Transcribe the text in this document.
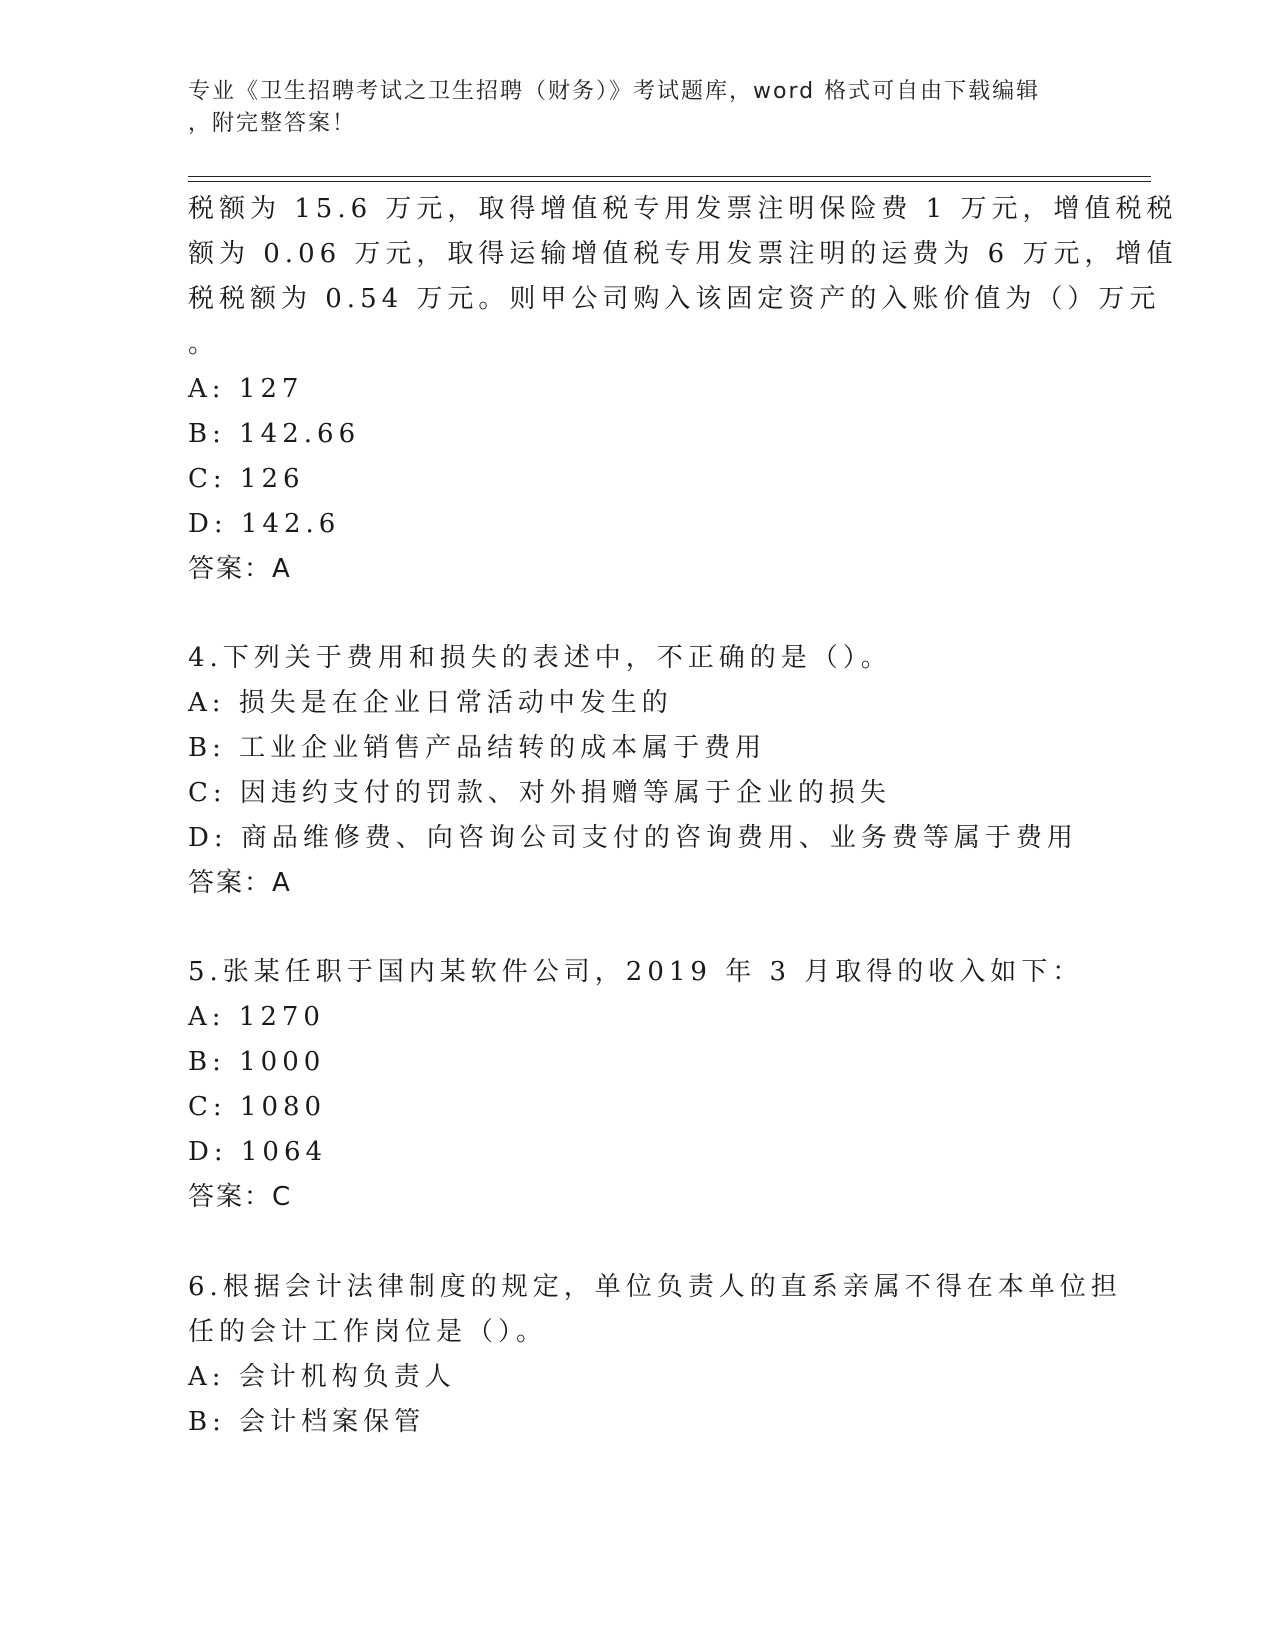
专业《卫生招聘考试之卫生招聘（财务）》考试题库，word 格式可自由下载编辑
，附完整答案！
税额为 15.6 万元，取得增值税专用发票注明保险费 1 万元，增值税税
额为 0.06 万元，取得运输增值税专用发票注明的运费为 6 万元，增值
税税额为 0.54 万元。则甲公司购入该固定资产的入账价值为（）万元
。
A: 127
B: 142.66
C: 126
D: 142.6
答案：A
4.下列关于费用和损失的表述中，不正确的是（）。
A: 损失是在企业日常活动中发生的
B: 工业企业销售产品结转的成本属于费用
C: 因违约支付的罚款、对外捐赠等属于企业的损失
D: 商品维修费、向咨询公司支付的咨询费用、业务费等属于费用
答案：A
5.张某任职于国内某软件公司，2019 年 3 月取得的收入如下：
A: 1270
B: 1000
C: 1080
D: 1064
答案：C
6.根据会计法律制度的规定，单位负责人的直系亲属不得在本单位担
任的会计工作岗位是（）。
A: 会计机构负责人
B: 会计档案保管
